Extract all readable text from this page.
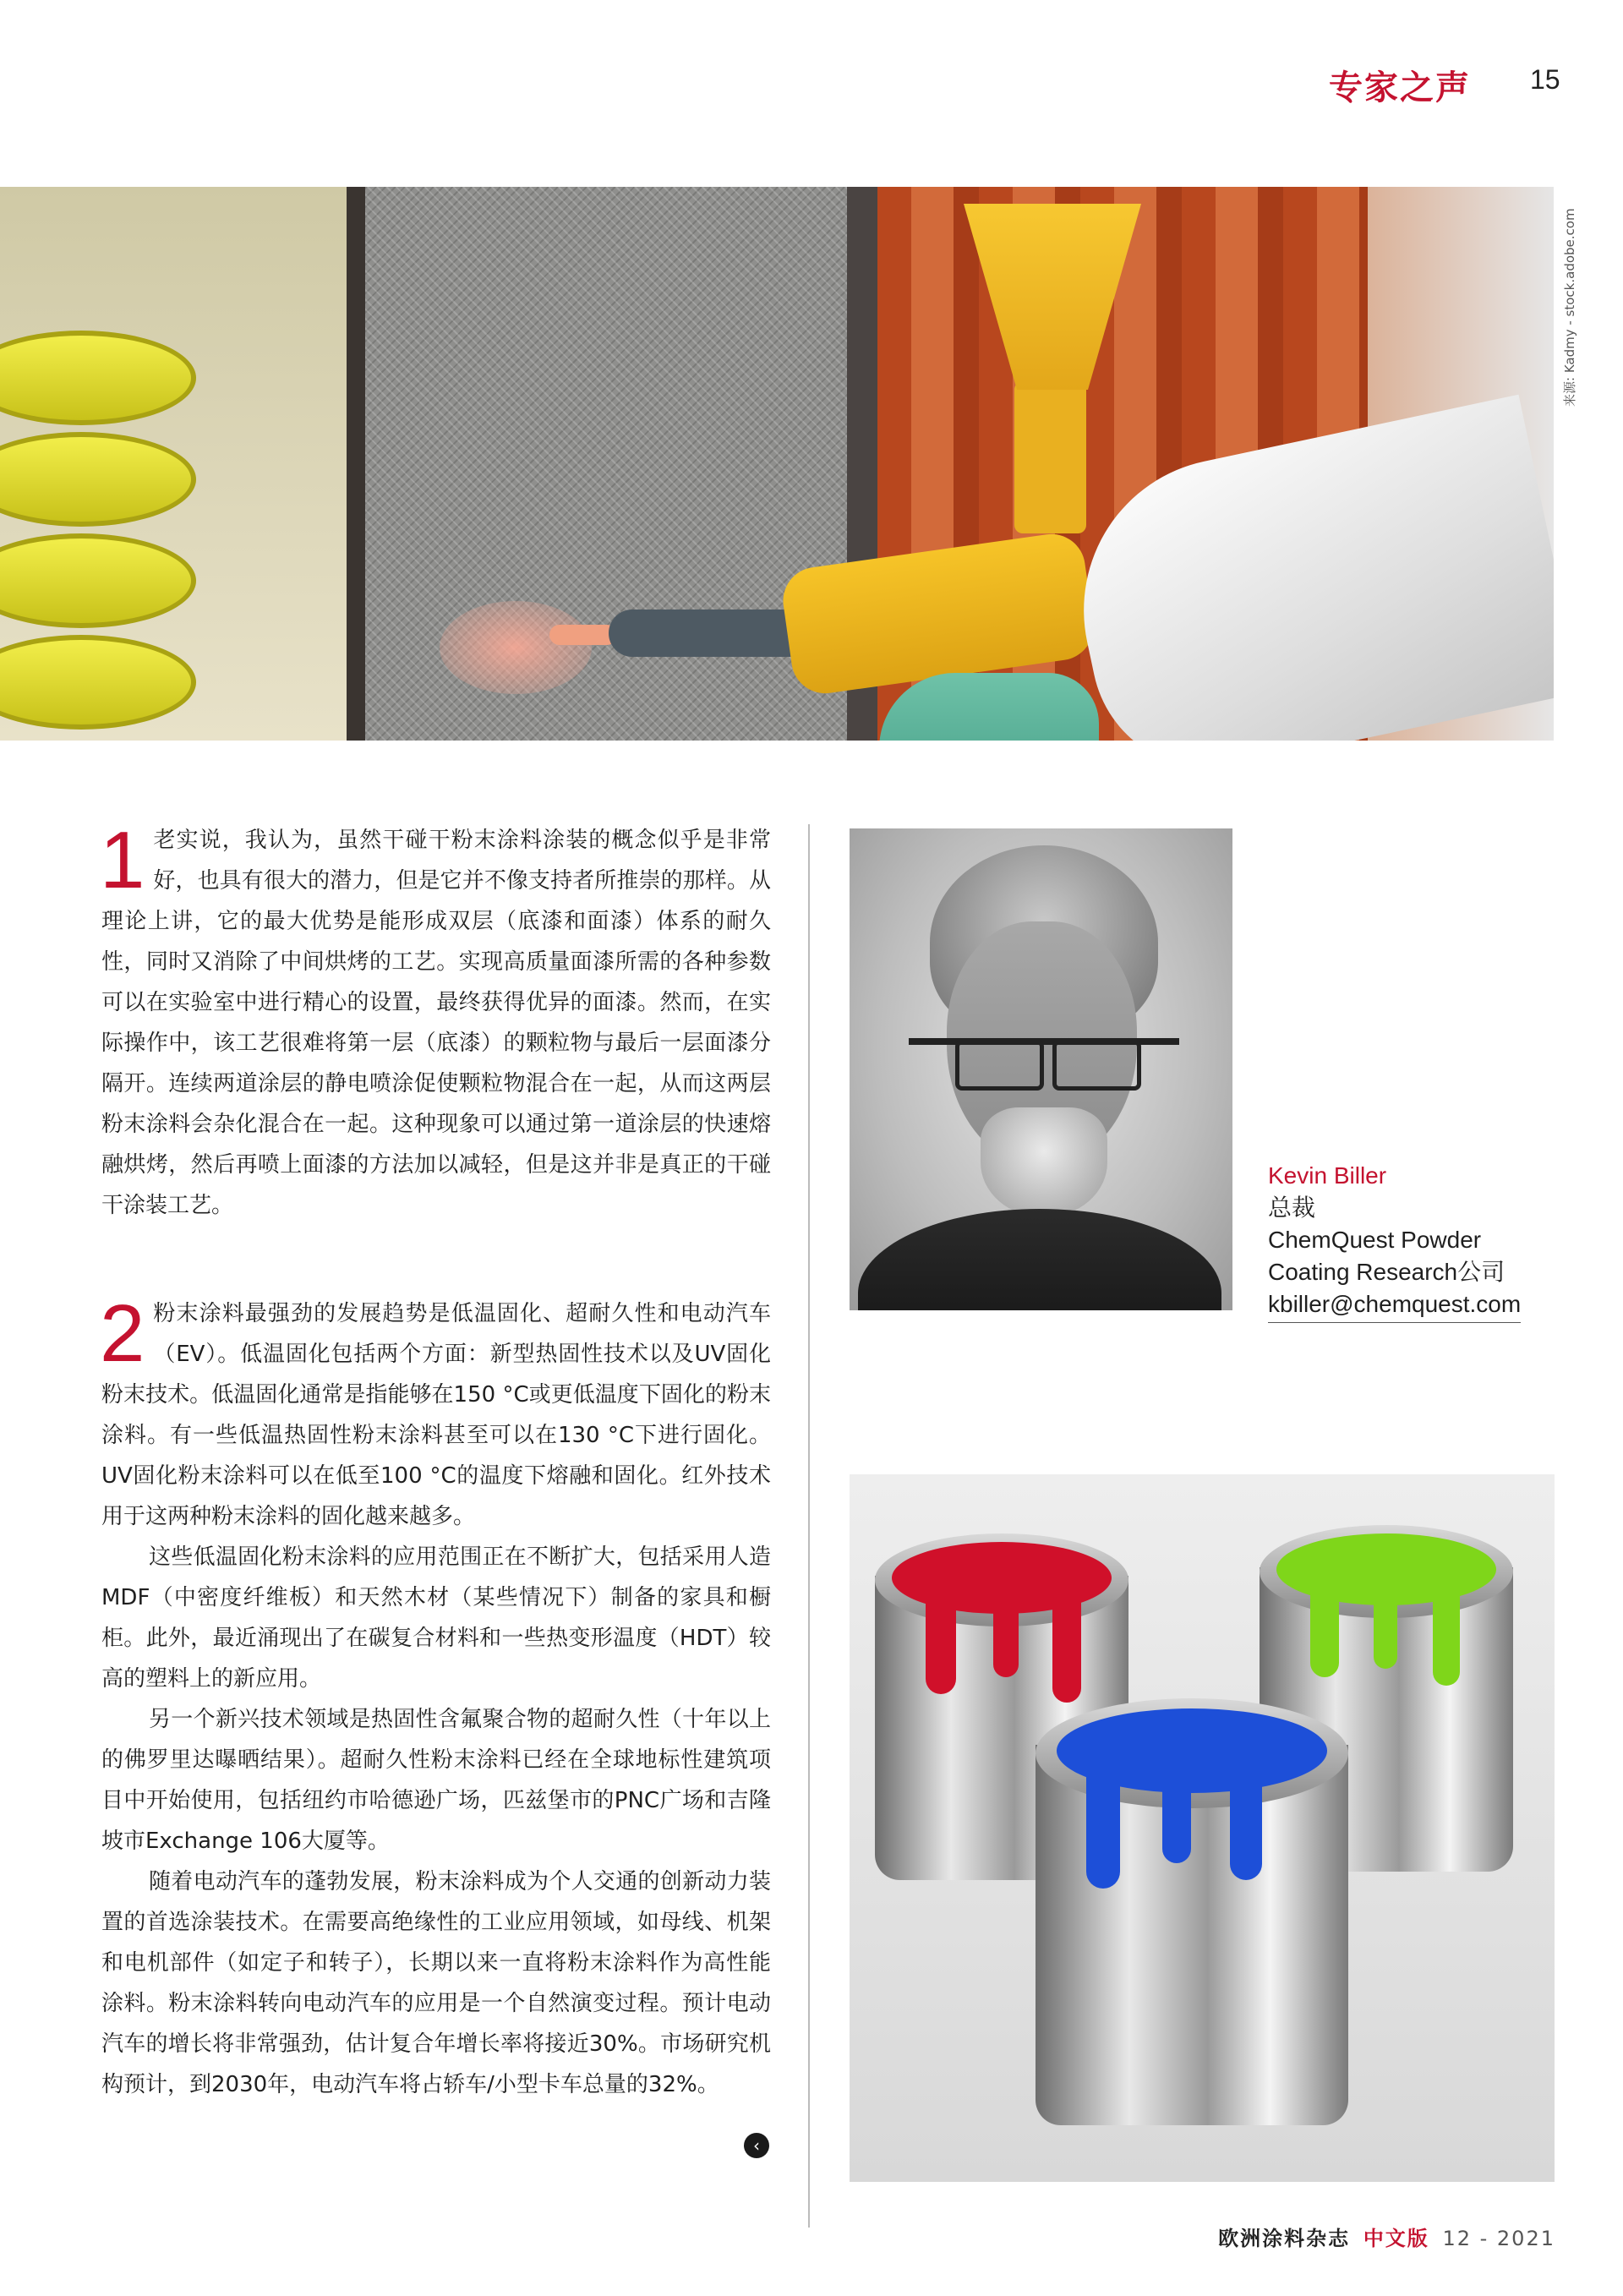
专家之声 15
来源: Kadmy - stock.adobe.com

1 老实说，我认为，虽然干碰干粉末涂料涂装的概念似乎是非常好，也具有很大的潜力，但是它并不像支持者所推崇的那样。从理论上讲，它的最大优势是能形成双层（底漆和面漆）体系的耐久性，同时又消除了中间烘烤的工艺。实现高质量面漆所需的各种参数可以在实验室中进行精心的设置，最终获得优异的面漆。然而，在实际操作中，该工艺很难将第一层（底漆）的颗粒物与最后一层面漆分隔开。连续两道涂层的静电喷涂促使颗粒物混合在一起，从而这两层粉末涂料会杂化混合在一起。这种现象可以通过第一道涂层的快速熔融烘烤，然后再喷上面漆的方法加以减轻，但是这并非是真正的干碰干涂装工艺。

2 粉末涂料最强劲的发展趋势是低温固化、超耐久性和电动汽车（EV）。低温固化包括两个方面：新型热固性技术以及UV固化粉末技术。低温固化通常是指能够在150 °C或更低温度下固化的粉末涂料。有一些低温热固性粉末涂料甚至可以在130 °C下进行固化。UV固化粉末涂料可以在低至100 °C的温度下熔融和固化。红外技术用于这两种粉末涂料的固化越来越多。

这些低温固化粉末涂料的应用范围正在不断扩大，包括采用人造MDF（中密度纤维板）和天然木材（某些情况下）制备的家具和橱柜。此外，最近涌现出了在碳复合材料和一些热变形温度（HDT）较高的塑料上的新应用。

另一个新兴技术领域是热固性含氟聚合物的超耐久性（十年以上的佛罗里达曝晒结果）。超耐久性粉末涂料已经在全球地标性建筑项目中开始使用，包括纽约市哈德逊广场，匹兹堡市的PNC广场和吉隆坡市Exchange 106大厦等。

随着电动汽车的蓬勃发展，粉末涂料成为个人交通的创新动力装置的首选涂装技术。在需要高绝缘性的工业应用领域，如母线、机架和电机部件（如定子和转子），长期以来一直将粉末涂料作为高性能涂料。粉末涂料转向电动汽车的应用是一个自然演变过程。预计电动汽车的增长将非常强劲，估计复合年增长率将接近30%。市场研究机构预计，到2030年，电动汽车将占轿车/小型卡车总量的32%。

‹
Kevin Biller
总裁
ChemQuest Powder Coating Research公司
kbiller@chemquest.com
欧洲涂料杂志 中文版 12 - 2021
